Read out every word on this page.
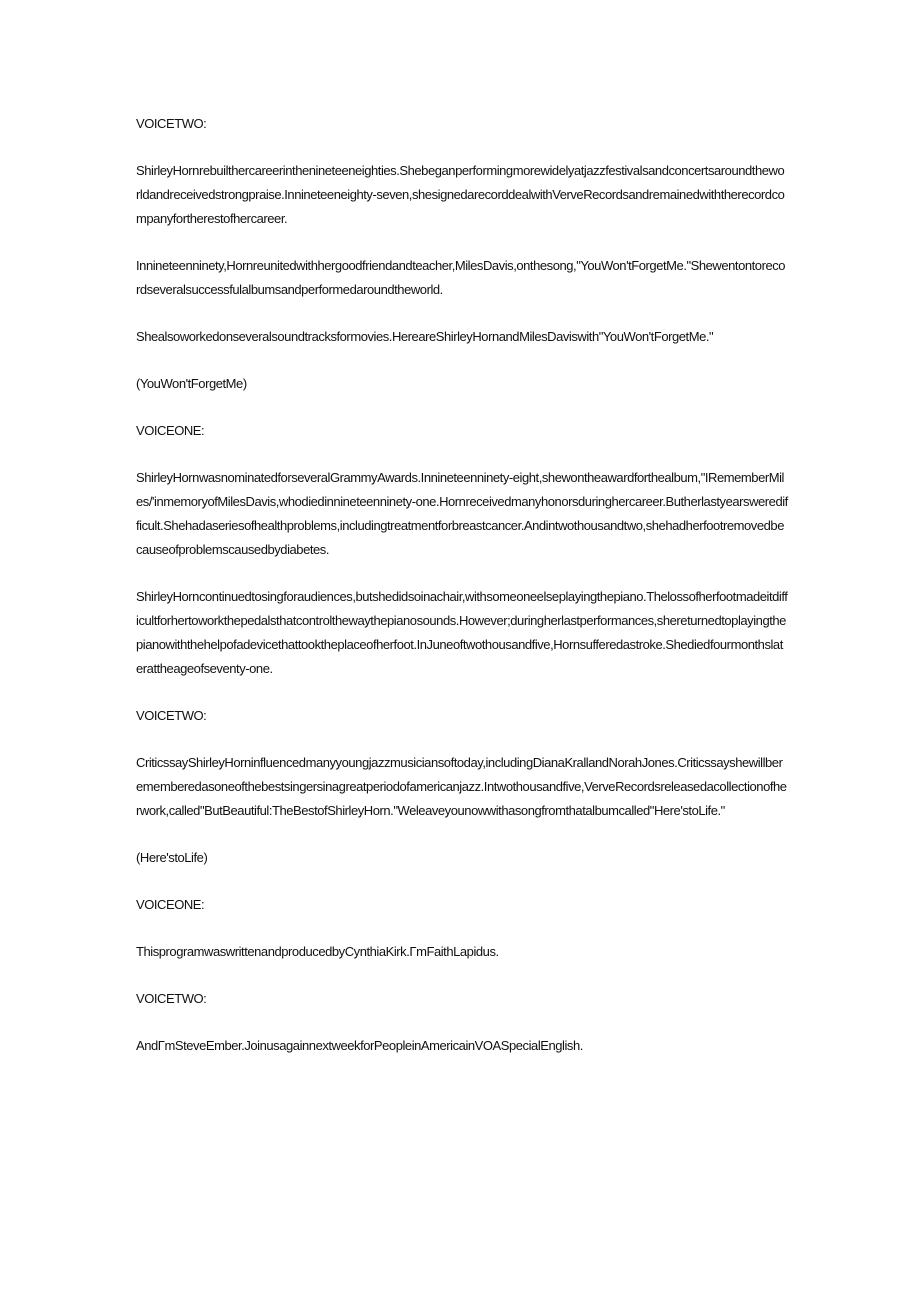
VOICETWO:

ShirleyHornrebuilthercareerinthenineteeneighties.Shebeganperformingmorewidelyatjazzfestivalsandconcertsaroundtheworldandreceivedstrongpraise.Innineteeneighty-seven,shesignedarecorddealwithVerveRecordsandremainedwiththerecordcompanyfortherestofhercareer.

Innineteenninety,Hornreunitedwithhergoodfriendandteacher,MilesDavis,onthesong,"YouWon'tForgetMe."Shewentontorecordseveralsuccessfulalbumsandperformedaroundtheworld.

Shealsoworkedonseveralsoundtracksformovies.HereareShirleyHornandMilesDaviswith"YouWon'tForgetMe."

(YouWon'tForgetMe)

VOICEONE:

ShirleyHornwasnominatedforseveralGrammyAwards.Innineteenninety-eight,shewontheawardforthealbum,"IRememberMiles/'inmemoryofMilesDavis,whodiedinnineteenninety-one.Hornreceivedmanyhonorsduringhercareer.Butherlastyearsweredifficult.Shehadaseriesofhealthproblems,includingtreatmentforbreastcancer.Andintwothousandtwo,shehadherfootremovedbecauseofproblemscausedbydiabetes.

ShirleyHorncontinuedtosingforaudiences,butshedidsoinachair,withsomeoneelseplayingthepiano.Thelossofherfootmadeitdifficultforhertoworkthepedalsthatcontrolthewaythepianosounds.However;duringherlastperformances,shereturnedtoplayingthepianowiththehelpofadevicethattooktheplaceofherfoot.InJuneoftwothousandfive,Hornsufferedastroke.Shediedfourmonthslaterattheageofseventy-one.

VOICETWO:

CriticssayShirleyHorninfluencedmanyyoungjazzmusiciansoftoday,includingDianaKrallandNorahJones.Criticssayshewillberememberedasoneofthebestsingersinagreatperiodofamericanjazz.Intwothousandfive,VerveRecordsreleasedacollectionofherwork,called"ButBeautiful:TheBestofShirleyHorn."Weleaveyounowwithasongfromthatalbumcalled"Here'stoLife."

(Here'stoLife)

VOICEONE:

ThisprogramwaswrittenandproducedbyCynthiaKirk.ΓmFaithLapidus.

VOICETWO:

AndΓmSteveEmber.JoinusagainnextweekforPeopleinAmericainVOASpecialEnglish.
